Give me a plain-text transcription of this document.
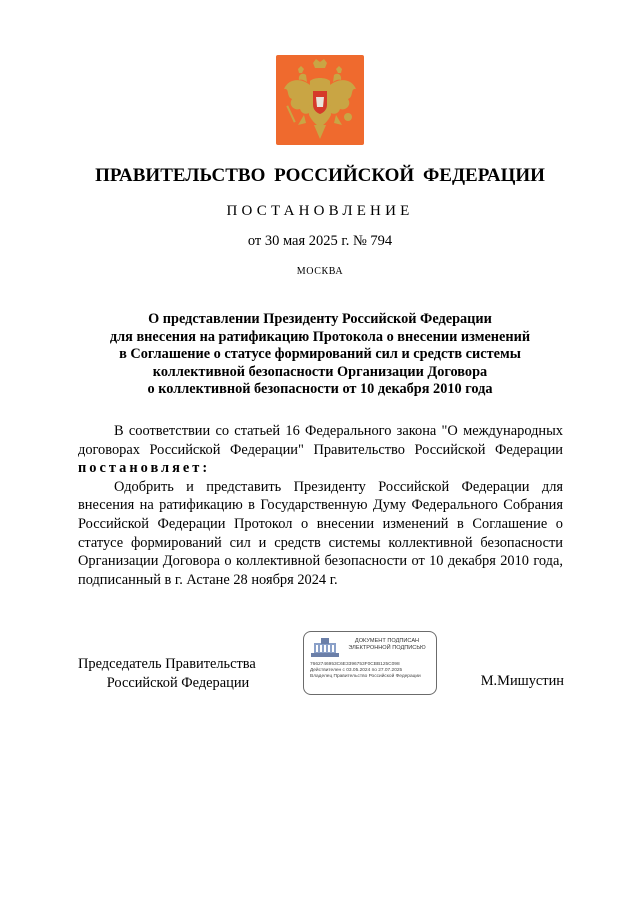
ПРАВИТЕЛЬСТВО РОССИЙСКОЙ ФЕДЕРАЦИИ
ПОСТАНОВЛЕНИЕ
от 30 мая 2025 г. № 794
МОСКВА
О представлении Президенту Российской Федерации
для внесения на ратификацию Протокола о внесении изменений
в Соглашение о статусе формирований сил и средств системы
коллективной безопасности Организации Договора
о коллективной безопасности от 10 декабря 2010 года

В соответствии со статьей 16 Федерального закона "О международных договорах Российской Федерации" Правительство Российской Федерации постановляет:

Одобрить и представить Президенту Российской Федерации для внесения на ратификацию в Государственную Думу Федерального Собрания Российской Федерации Протокол о внесении изменений в Соглашение о статусе формирований сил и средств системы коллективной безопасности Организации Договора о коллективной безопасности от 10 декабря 2010 года, подписанный в г. Астане 28 ноября 2024 г.

Председатель Правительства
Российской Федерации
ДОКУМЕНТ ПОДПИСАН
ЭЛЕКТРОННОЙ ПОДПИСЬЮ
7662746953C6E3396753F0CBB125C098
Действителен с 03.05.2024 по 27.07.2025
Владелец Правительство Российской Федерации	М.Мишустин
